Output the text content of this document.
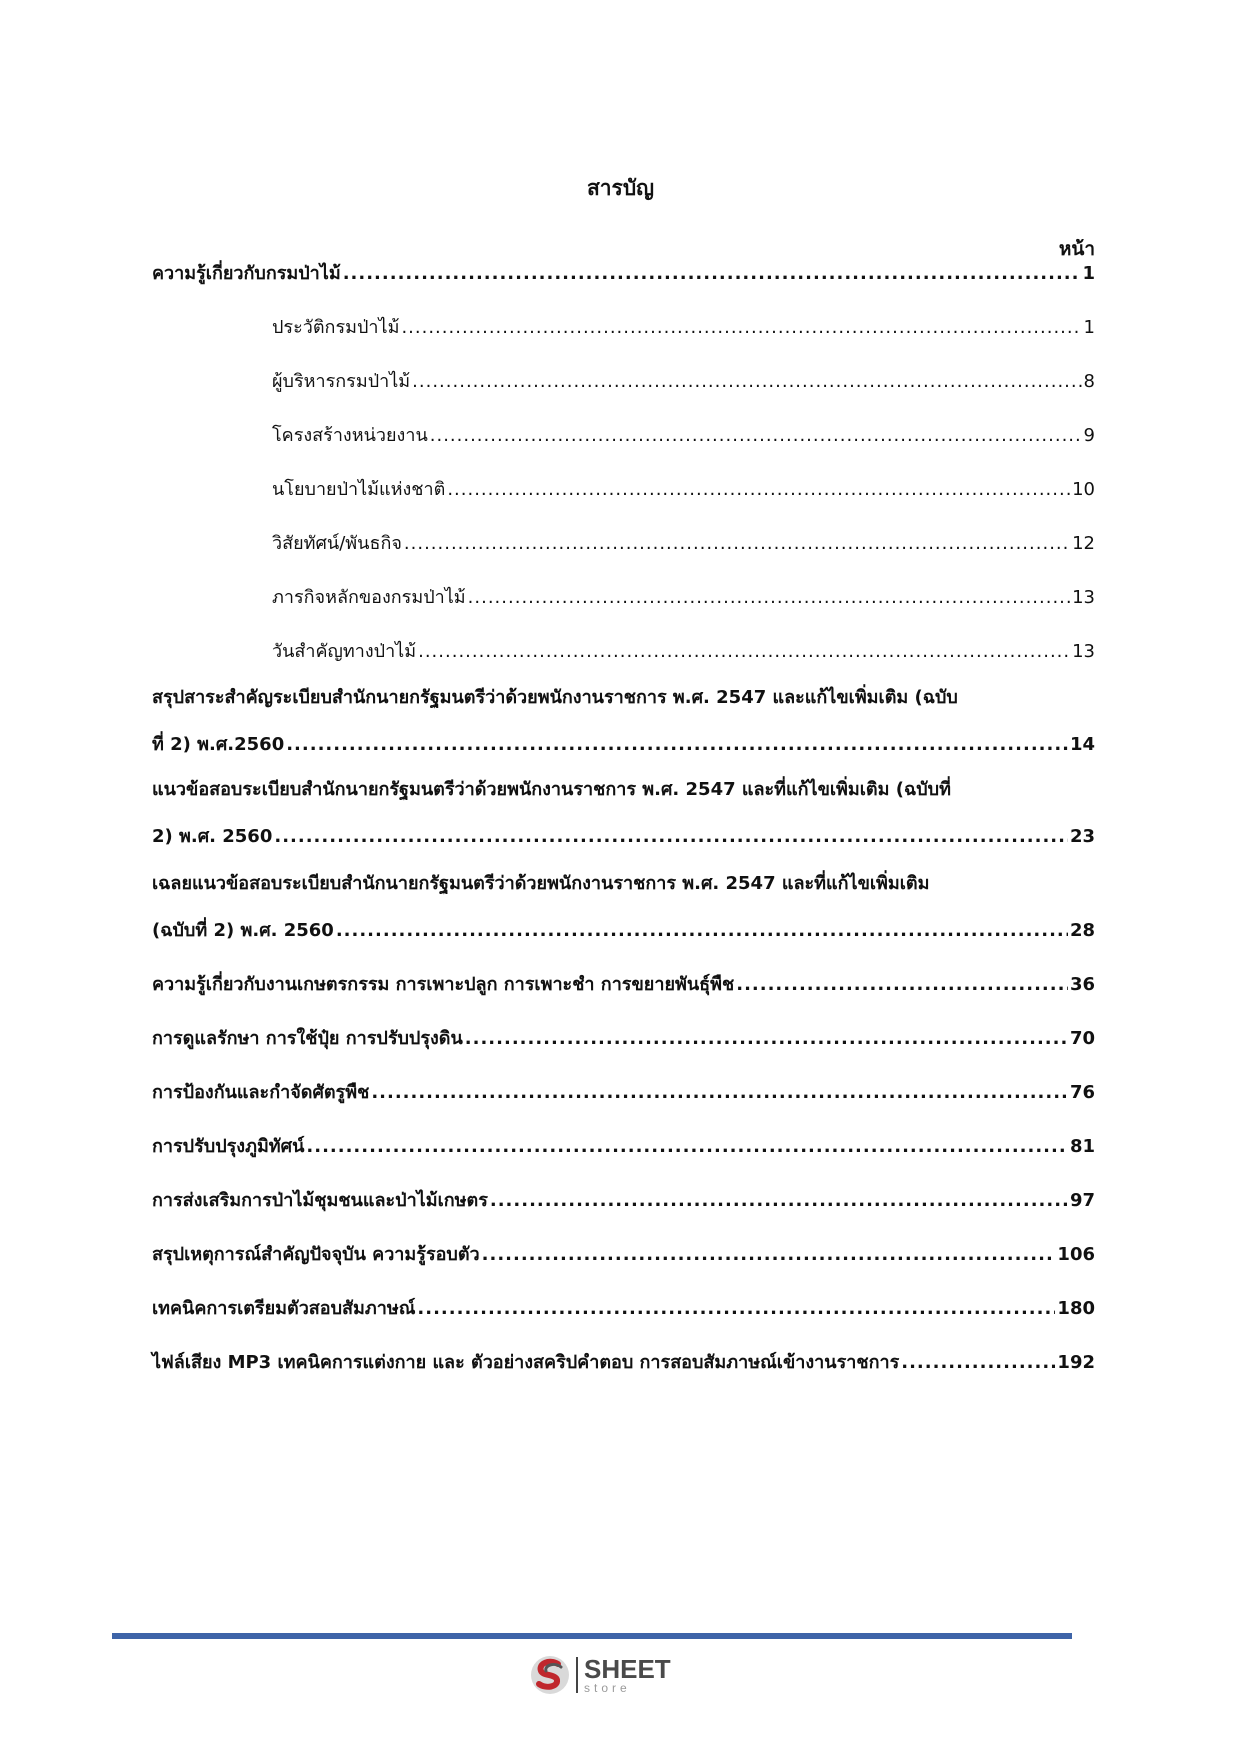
สารบัญ
หน้า
ความรู้เกี่ยวกับกรมป่าไม้ .....	1
ประวัติกรมป่าไม้ .....	1
ผู้บริหารกรมป่าไม้ .....	8
โครงสร้างหน่วยงาน .....	9
นโยบายป่าไม้แห่งชาติ .....	10
วิสัยทัศน์/พันธกิจ .....	12
ภารกิจหลักของกรมป่าไม้ .....	13
วันสำคัญทางป่าไม้ .....	13
สรุปสาระสำคัญระเบียบสำนักนายกรัฐมนตรีว่าด้วยพนักงานราชการ พ.ศ. 2547 และแก้ไขเพิ่มเติม (ฉบับ
ที่ 2) พ.ศ.2560 .....	14
แนวข้อสอบระเบียบสำนักนายกรัฐมนตรีว่าด้วยพนักงานราชการ พ.ศ. 2547 และที่แก้ไขเพิ่มเติม (ฉบับที่
2) พ.ศ. 2560 .....	23
เฉลยแนวข้อสอบระเบียบสำนักนายกรัฐมนตรีว่าด้วยพนักงานราชการ พ.ศ. 2547 และที่แก้ไขเพิ่มเติม
(ฉบับที่ 2) พ.ศ. 2560 .....	28
ความรู้เกี่ยวกับงานเกษตรกรรม การเพาะปลูก การเพาะชำ การขยายพันธุ์พืช .....	36
การดูแลรักษา การใช้ปุ๋ย การปรับปรุงดิน .....	70
การป้องกันและกำจัดศัตรูพืช .....	76
การปรับปรุงภูมิทัศน์ .....	81
การส่งเสริมการป่าไม้ชุมชนและป่าไม้เกษตร .....	97
สรุปเหตุการณ์สำคัญปัจจุบัน ความรู้รอบตัว .....	106
เทคนิคการเตรียมตัวสอบสัมภาษณ์ .....	180
ไฟล์เสียง MP3 เทคนิคการแต่งกาย และ ตัวอย่างสคริปคำตอบ การสอบสัมภาษณ์เข้างานราชการ .....	192
SHEET
store
